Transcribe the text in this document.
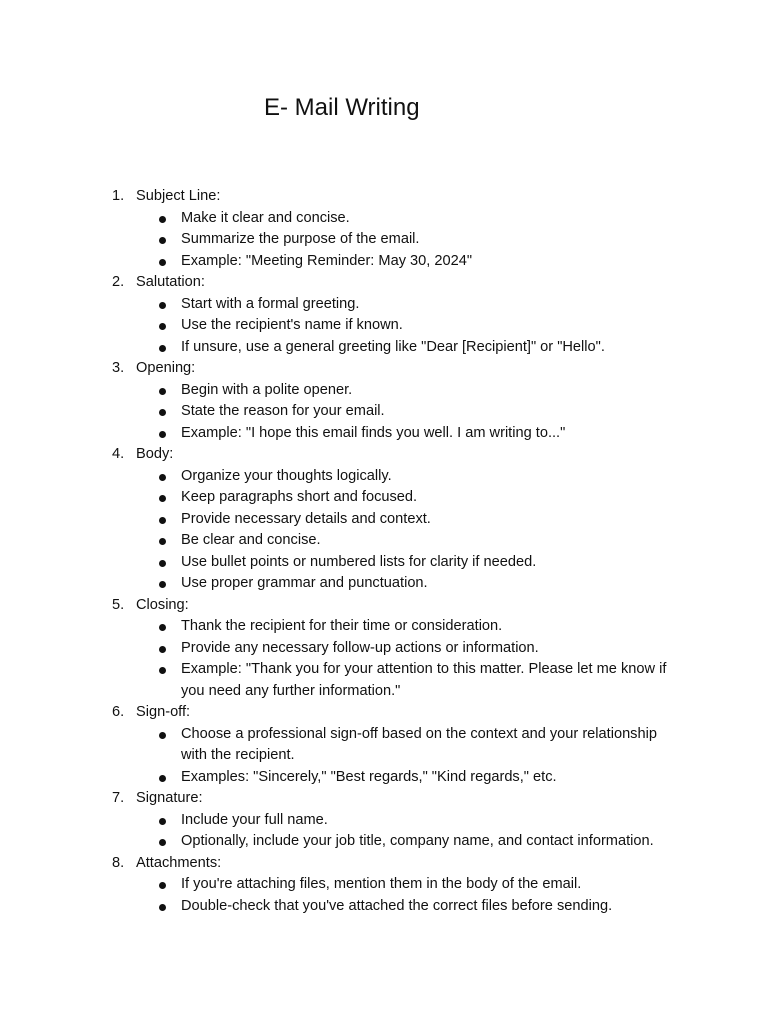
E- Mail Writing
1. Subject Line:
Make it clear and concise.
Summarize the purpose of the email.
Example: "Meeting Reminder: May 30, 2024"
2. Salutation:
Start with a formal greeting.
Use the recipient's name if known.
If unsure, use a general greeting like "Dear [Recipient]" or "Hello".
3. Opening:
Begin with a polite opener.
State the reason for your email.
Example: "I hope this email finds you well. I am writing to..."
4. Body:
Organize your thoughts logically.
Keep paragraphs short and focused.
Provide necessary details and context.
Be clear and concise.
Use bullet points or numbered lists for clarity if needed.
Use proper grammar and punctuation.
5. Closing:
Thank the recipient for their time or consideration.
Provide any necessary follow-up actions or information.
Example: "Thank you for your attention to this matter. Please let me know if you need any further information."
6. Sign-off:
Choose a professional sign-off based on the context and your relationship with the recipient.
Examples: "Sincerely," "Best regards," "Kind regards," etc.
7. Signature:
Include your full name.
Optionally, include your job title, company name, and contact information.
8. Attachments:
If you're attaching files, mention them in the body of the email.
Double-check that you've attached the correct files before sending.
